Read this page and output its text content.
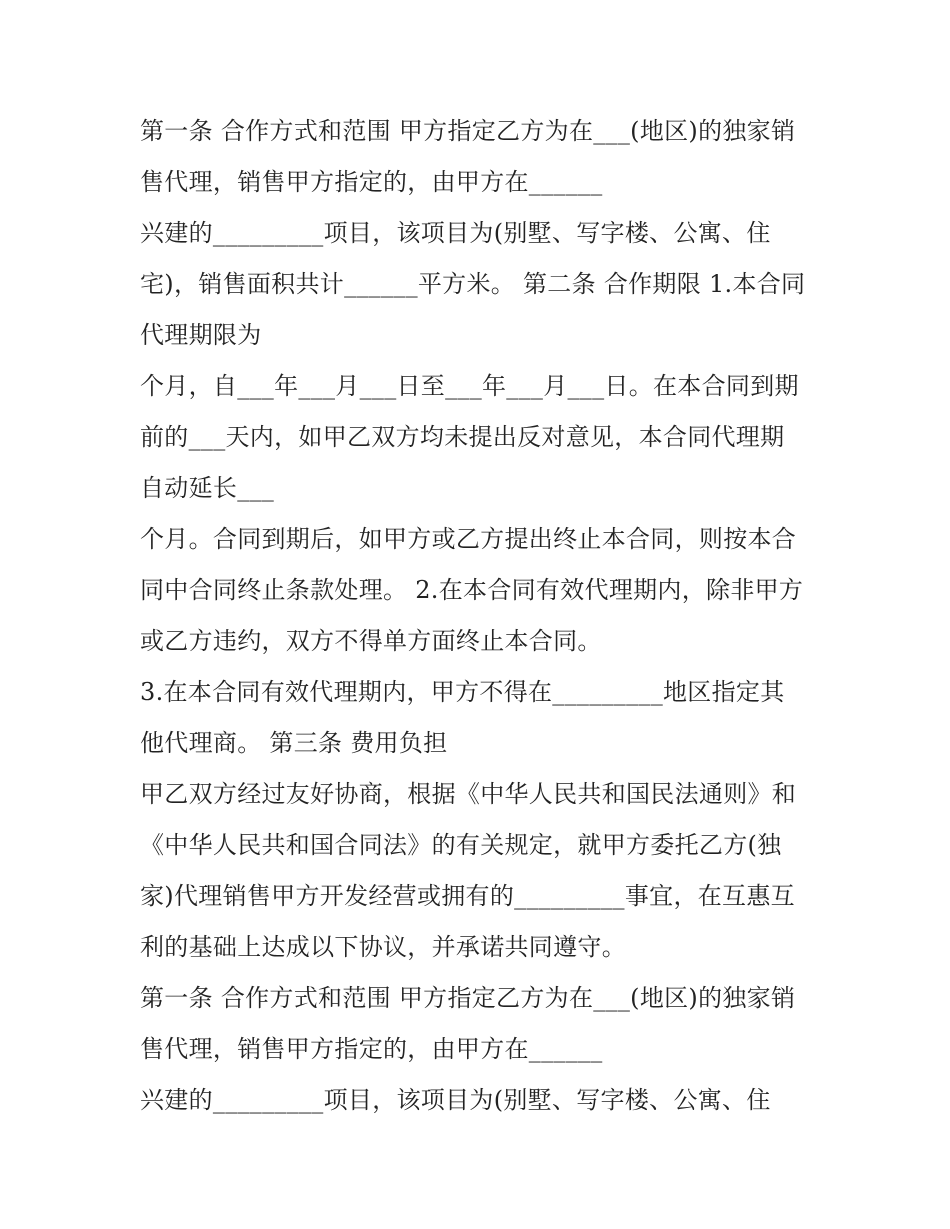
第一条 合作方式和范围 甲方指定乙方为在___(地区)的独家销
售代理，销售甲方指定的，由甲方在______
兴建的_________项目，该项目为(别墅、写字楼、公寓、住
宅)，销售面积共计______平方米。 第二条 合作期限 1.本合同
代理期限为
个月，自___年___月___日至___年___月___日。在本合同到期
前的___天内，如甲乙双方均未提出反对意见，本合同代理期
自动延长___
个月。合同到期后，如甲方或乙方提出终止本合同，则按本合
同中合同终止条款处理。 2.在本合同有效代理期内，除非甲方
或乙方违约，双方不得单方面终止本合同。
3.在本合同有效代理期内，甲方不得在_________地区指定其
他代理商。 第三条 费用负担
甲乙双方经过友好协商，根据《中华人民共和国民法通则》和
《中华人民共和国合同法》的有关规定，就甲方委托乙方(独
家)代理销售甲方开发经营或拥有的_________事宜，在互惠互
利的基础上达成以下协议，并承诺共同遵守。
第一条 合作方式和范围 甲方指定乙方为在___(地区)的独家销
售代理，销售甲方指定的，由甲方在______
兴建的_________项目，该项目为(别墅、写字楼、公寓、住
